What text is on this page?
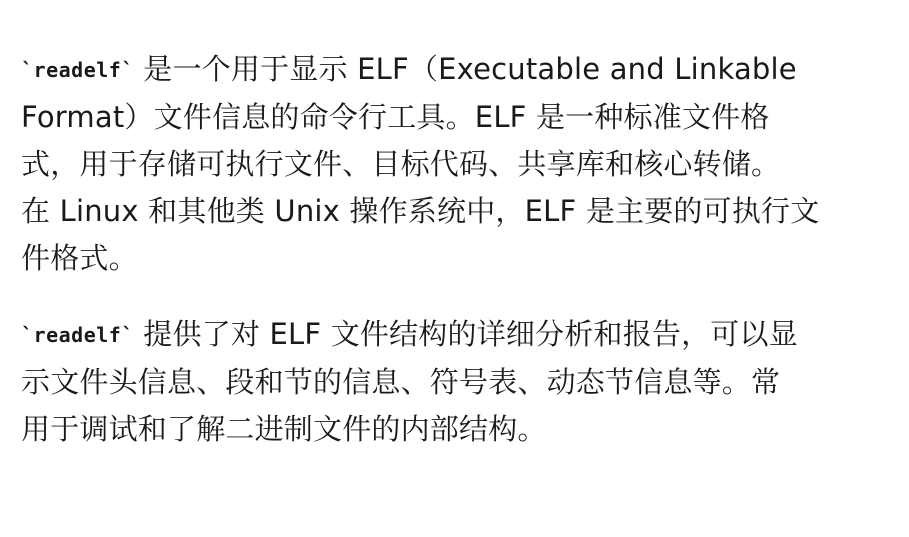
`readelf` 是一个用于显示 ELF（Executable and Linkable
Format）文件信息的命令行工具。ELF 是一种标准文件格
式，用于存储可执行文件、目标代码、共享库和核心转储。
在 Linux 和其他类 Unix 操作系统中，ELF 是主要的可执行文
件格式。

`readelf` 提供了对 ELF 文件结构的详细分析和报告，可以显
示文件头信息、段和节的信息、符号表、动态节信息等。常
用于调试和了解二进制文件的内部结构。
